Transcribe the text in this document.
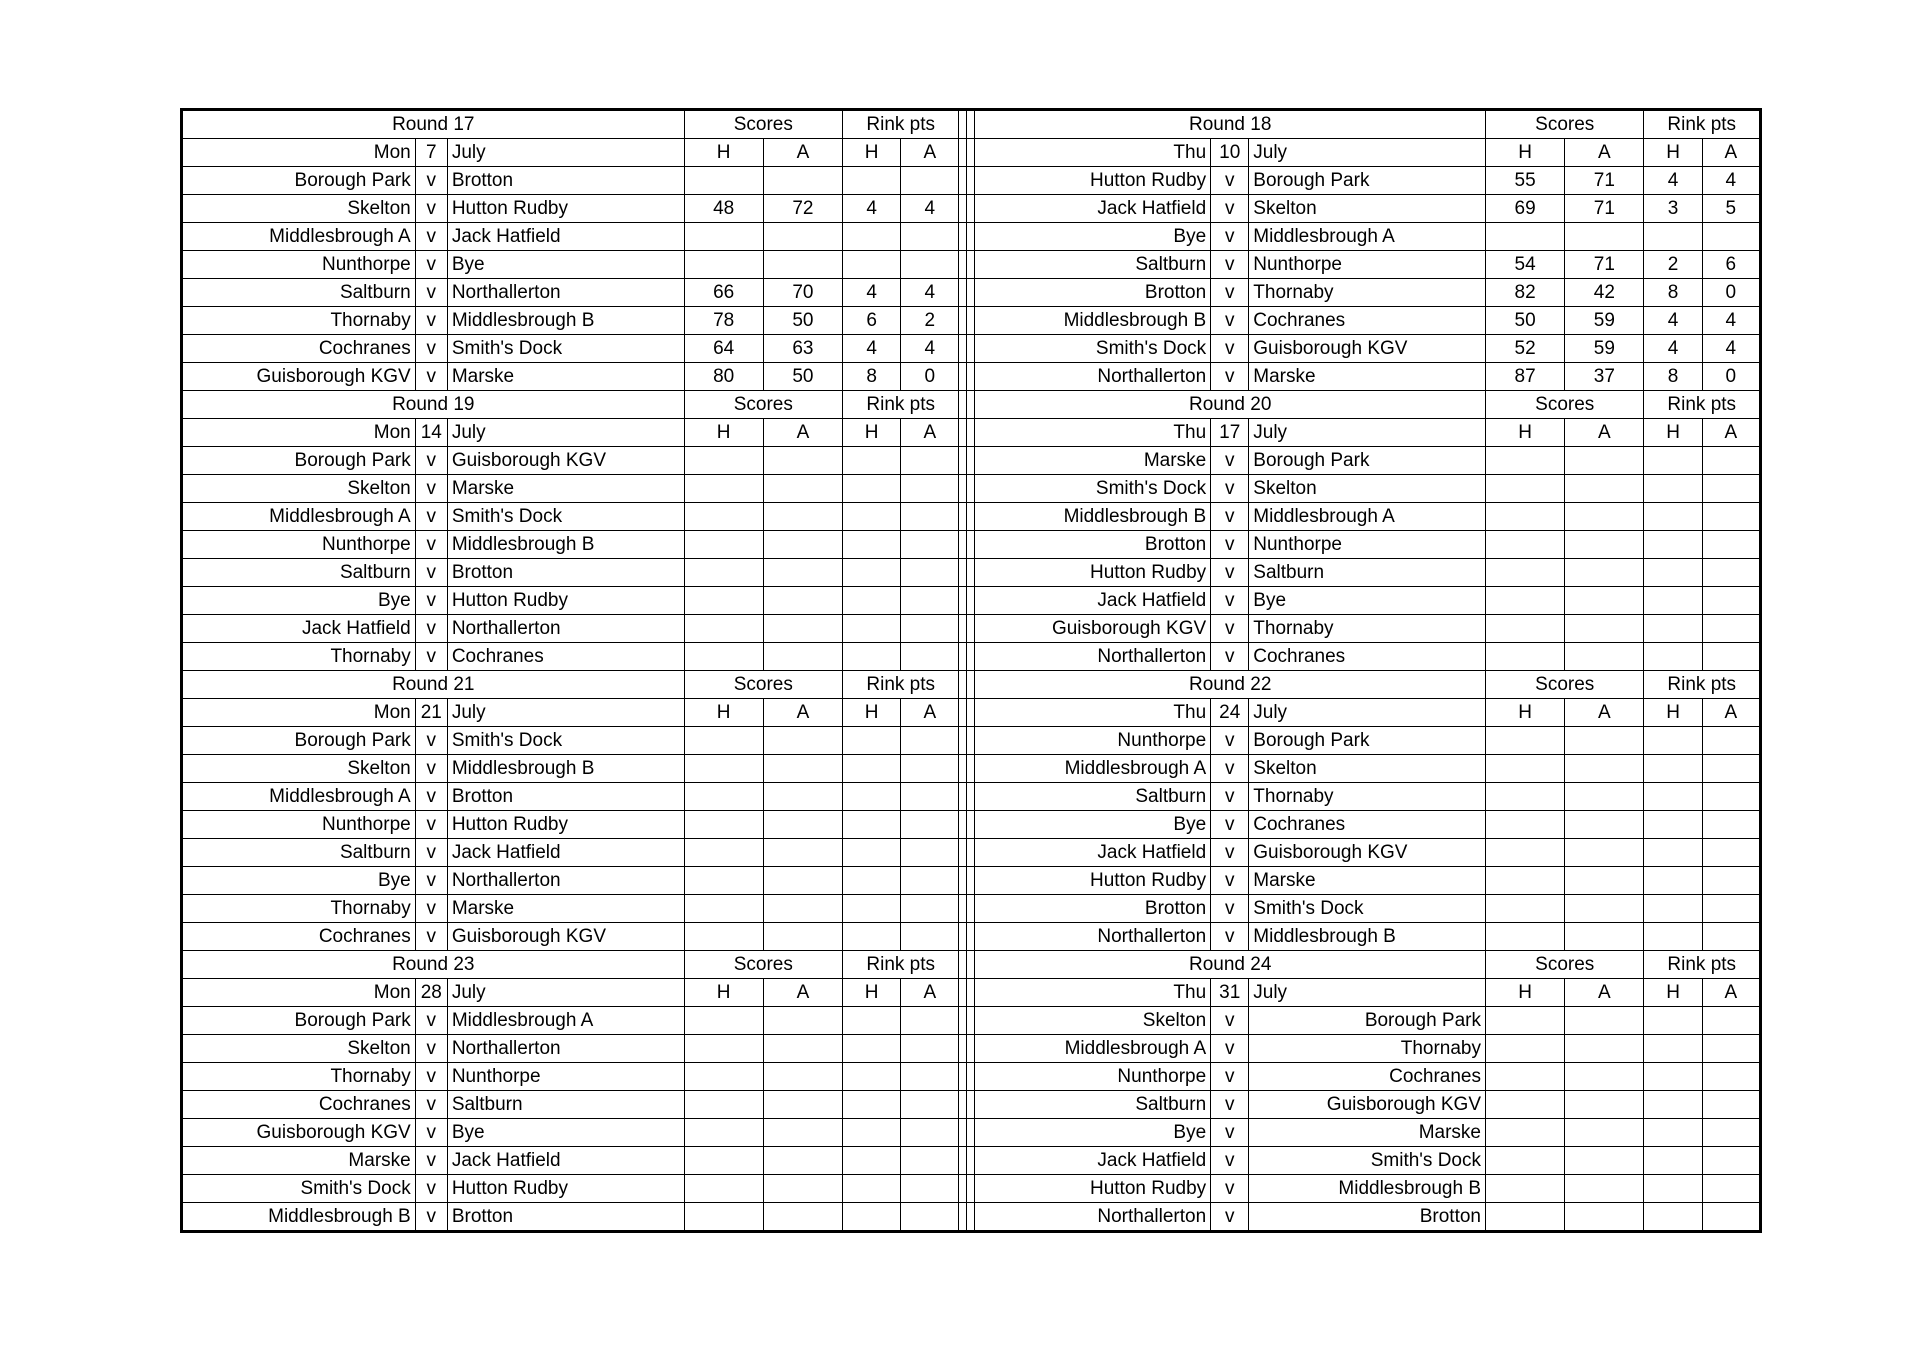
Round 17			Scores		Rink pts				Round 18			Scores		Rink pts	
Mon	7	July	H	A	H	A			Thu	10	July	H	A	H	A
Borough Park	v	Brotton							Hutton Rudby	v	Borough Park	55	71	4	4
Skelton	v	Hutton Rudby	48	72	4	4			Jack Hatfield	v	Skelton	69	71	3	5
Middlesbrough A	v	Jack Hatfield							Bye	v	Middlesbrough A				
Nunthorpe	v	Bye							Saltburn	v	Nunthorpe	54	71	2	6
Saltburn	v	Northallerton	66	70	4	4			Brotton	v	Thornaby	82	42	8	0
Thornaby	v	Middlesbrough B	78	50	6	2			Middlesbrough B	v	Cochranes	50	59	4	4
Cochranes	v	Smith's Dock	64	63	4	4			Smith's Dock	v	Guisborough KGV	52	59	4	4
Guisborough KGV	v	Marske	80	50	8	0			Northallerton	v	Marske	87	37	8	0
Round 19			Scores		Rink pts				Round 20			Scores		Rink pts	
Mon	14	July	H	A	H	A			Thu	17	July	H	A	H	A
Borough Park	v	Guisborough KGV							Marske	v	Borough Park				
Skelton	v	Marske							Smith's Dock	v	Skelton				
Middlesbrough A	v	Smith's Dock							Middlesbrough B	v	Middlesbrough A				
Nunthorpe	v	Middlesbrough B							Brotton	v	Nunthorpe				
Saltburn	v	Brotton							Hutton Rudby	v	Saltburn				
Bye	v	Hutton Rudby							Jack Hatfield	v	Bye				
Jack Hatfield	v	Northallerton							Guisborough KGV	v	Thornaby				
Thornaby	v	Cochranes							Northallerton	v	Cochranes				
Round 21			Scores		Rink pts				Round 22			Scores		Rink pts	
Mon	21	July	H	A	H	A			Thu	24	July	H	A	H	A
Borough Park	v	Smith's Dock							Nunthorpe	v	Borough Park				
Skelton	v	Middlesbrough B							Middlesbrough A	v	Skelton				
Middlesbrough A	v	Brotton							Saltburn	v	Thornaby				
Nunthorpe	v	Hutton Rudby							Bye	v	Cochranes				
Saltburn	v	Jack Hatfield							Jack Hatfield	v	Guisborough KGV				
Bye	v	Northallerton							Hutton Rudby	v	Marske				
Thornaby	v	Marske							Brotton	v	Smith's Dock				
Cochranes	v	Guisborough KGV							Northallerton	v	Middlesbrough B				
Round 23			Scores		Rink pts				Round 24			Scores		Rink pts	
Mon	28	July	H	A	H	A			Thu	31	July	H	A	H	A
Borough Park	v	Middlesbrough A							Skelton	v	Borough Park				
Skelton	v	Northallerton							Middlesbrough A	v	Thornaby				
Thornaby	v	Nunthorpe							Nunthorpe	v	Cochranes				
Cochranes	v	Saltburn							Saltburn	v	Guisborough KGV				
Guisborough KGV	v	Bye							Bye	v	Marske				
Marske	v	Jack Hatfield							Jack Hatfield	v	Smith's Dock				
Smith's Dock	v	Hutton Rudby							Hutton Rudby	v	Middlesbrough B				
Middlesbrough B	v	Brotton							Northallerton	v	Brotton				
